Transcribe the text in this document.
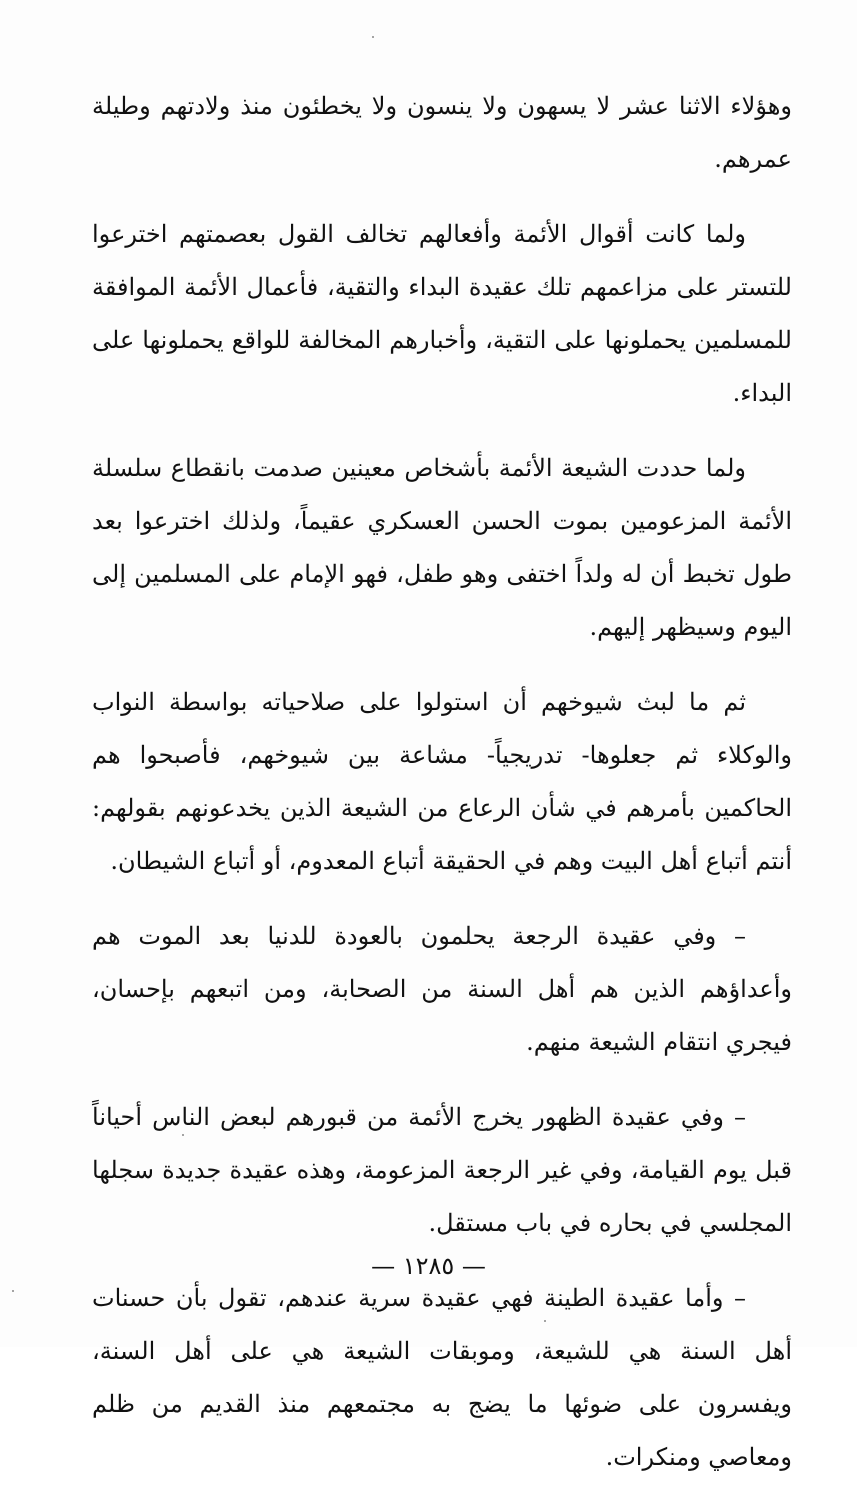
وهؤلاء الاثنا عشر لا يسهون ولا ينسون ولا يخطئون منذ ولادتهم وطيلة عمرهم.

ولما كانت أقوال الأئمة وأفعالهم تخالف القول بعصمتهم اخترعوا للتستر على مزاعمهم تلك عقيدة البداء والتقية، فأعمال الأئمة الموافقة للمسلمين يحملونها على التقية، وأخبارهم المخالفة للواقع يحملونها على البداء.

ولما حددت الشيعة الأئمة بأشخاص معينين صدمت بانقطاع سلسلة الأئمة المزعومين بموت الحسن العسكري عقيماً، ولذلك اخترعوا بعد طول تخبط أن له ولداً اختفى وهو طفل، فهو الإمام على المسلمين إلى اليوم وسيظهر إليهم.

ثم ما لبث شيوخهم أن استولوا على صلاحياته بواسطة النواب والوكلاء ثم جعلوها- تدريجياً- مشاعة بين شيوخهم، فأصبحوا هم الحاكمين بأمرهم في شأن الرعاع من الشيعة الذين يخدعونهم بقولهم: أنتم أتباع أهل البيت وهم في الحقيقة أتباع المعدوم، أو أتباع الشيطان.

– وفي عقيدة الرجعة يحلمون بالعودة للدنيا بعد الموت هم وأعداؤهم الذين هم أهل السنة من الصحابة، ومن اتبعهم بإحسان، فيجري انتقام الشيعة منهم.

– وفي عقيدة الظهور يخرج الأئمة من قبورهم لبعض الناس أحياناً قبل يوم القيامة، وفي غير الرجعة المزعومة، وهذه عقيدة جديدة سجلها المجلسي في بحاره في باب مستقل.

– وأما عقيدة الطينة فهي عقيدة سرية عندهم، تقول بأن حسنات أهل السنة هي للشيعة، وموبقات الشيعة هي على أهل السنة، ويفسرون على ضوئها ما يضج به مجتمعهم منذ القديم من ظلم ومعاصي ومنكرات.

— ١٢٨٥ —
